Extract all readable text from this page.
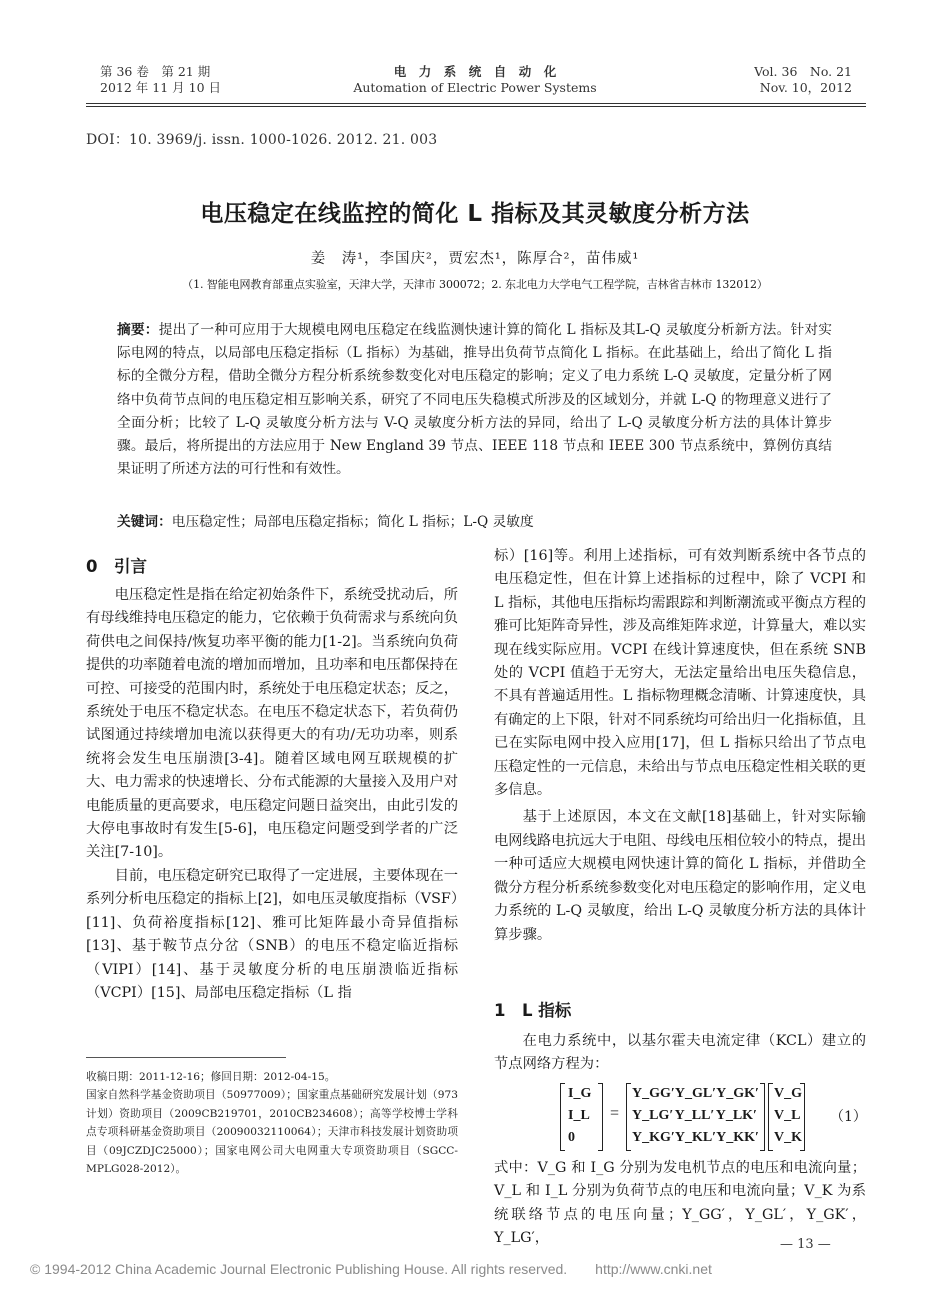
第 36 卷　第 21 期
2012 年 11 月 10 日
电　力　系　统　自　动　化
Automation of Electric Power Systems
Vol. 36　No. 21
Nov. 10，2012
DOI：10. 3969/j. issn. 1000-1026. 2012. 21. 003
电压稳定在线监控的简化 L 指标及其灵敏度分析方法
姜　涛¹，李国庆²，贾宏杰¹，陈厚合²，苗伟威¹
（1. 智能电网教育部重点实验室，天津大学，天津市 300072；2. 东北电力大学电气工程学院，吉林省吉林市 132012）
摘要：提出了一种可应用于大规模电网电压稳定在线监测快速计算的简化 L 指标及其L-Q 灵敏度分析新方法。针对实际电网的特点，以局部电压稳定指标（L 指标）为基础，推导出负荷节点简化 L 指标。在此基础上，给出了简化 L 指标的全微分方程，借助全微分方程分析系统参数变化对电压稳定的影响；定义了电力系统 L-Q 灵敏度，定量分析了网络中负荷节点间的电压稳定相互影响关系，研究了不同电压失稳模式所涉及的区域划分，并就 L-Q 的物理意义进行了全面分析；比较了 L-Q 灵敏度分析方法与 V-Q 灵敏度分析方法的异同，给出了 L-Q 灵敏度分析方法的具体计算步骤。最后，将所提出的方法应用于 New England 39 节点、IEEE 118 节点和 IEEE 300 节点系统中，算例仿真结果证明了所述方法的可行性和有效性。
关键词：电压稳定性；局部电压稳定指标；简化 L 指标；L-Q 灵敏度
0　引言

电压稳定性是指在给定初始条件下，系统受扰动后，所有母线维持电压稳定的能力，它依赖于负荷需求与系统向负荷供电之间保持/恢复功率平衡的能力[1-2]。当系统向负荷提供的功率随着电流的增加而增加，且功率和电压都保持在可控、可接受的范围内时，系统处于电压稳定状态；反之，系统处于电压不稳定状态。在电压不稳定状态下，若负荷仍试图通过持续增加电流以获得更大的有功/无功功率，则系统将会发生电压崩溃[3-4]。随着区域电网互联规模的扩大、电力需求的快速增长、分布式能源的大量接入及用户对电能质量的更高要求，电压稳定问题日益突出，由此引发的大停电事故时有发生[5-6]，电压稳定问题受到学者的广泛关注[7-10]。

目前，电压稳定研究已取得了一定进展，主要体现在一系列分析电压稳定的指标上[2]，如电压灵敏度指标（VSF）[11]、负荷裕度指标[12]、雅可比矩阵最小奇异值指标[13]、基于鞍节点分岔（SNB）的电压不稳定临近指标（VIPI）[14]、基于灵敏度分析的电压崩溃临近指标（VCPI）[15]、局部电压稳定指标（L 指

收稿日期：2011-12-16；修回日期：2012-04-15。
国家自然科学基金资助项目（50977009）；国家重点基础研究发展计划（973 计划）资助项目（2009CB219701，2010CB234608）；高等学校博士学科点专项科研基金资助项目（20090032110064）；天津市科技发展计划资助项目（09JCZDJC25000）；国家电网公司大电网重大专项资助项目（SGCC-MPLG028-2012）。

标）[16]等。利用上述指标，可有效判断系统中各节点的电压稳定性，但在计算上述指标的过程中，除了 VCPI 和 L 指标，其他电压指标均需跟踪和判断潮流或平衡点方程的雅可比矩阵奇异性，涉及高维矩阵求逆，计算量大，难以实现在线实际应用。VCPI 在线计算速度快，但在系统 SNB 处的 VCPI 值趋于无穷大，无法定量给出电压失稳信息，不具有普遍适用性。L 指标物理概念清晰、计算速度快，具有确定的上下限，针对不同系统均可给出归一化指标值，且已在实际电网中投入应用[17]，但 L 指标只给出了节点电压稳定性的一元信息，未给出与节点电压稳定性相关联的更多信息。

基于上述原因，本文在文献[18]基础上，针对实际输电网线路电抗远大于电阻、母线电压相位较小的特点，提出一种可适应大规模电网快速计算的简化 L 指标，并借助全微分方程分析系统参数变化对电压稳定的影响作用，定义电力系统的 L-Q 灵敏度，给出 L-Q 灵敏度分析方法的具体计算步骤。

1　L 指标

在电力系统中，以基尔霍夫电流定律（KCL）建立的节点网络方程为：

I_G
I_L
0
=
Y_GG′ Y_GL′ Y_GK′
Y_LG′ Y_LL′ Y_LK′
Y_KG′ Y_KL′ Y_KK′
V_G
V_L
V_K
（1）

式中：V_G 和 I_G 分别为发电机节点的电压和电流向量；V_L 和 I_L 分别为负荷节点的电压和电流向量；V_K 为系统联络节点的电压向量；Y_GG′，Y_GL′，Y_GK′，Y_LG′，	— 13 —
© 1994-2012 China Academic Journal Electronic Publishing House. All rights reserved.　　http://www.cnki.net
